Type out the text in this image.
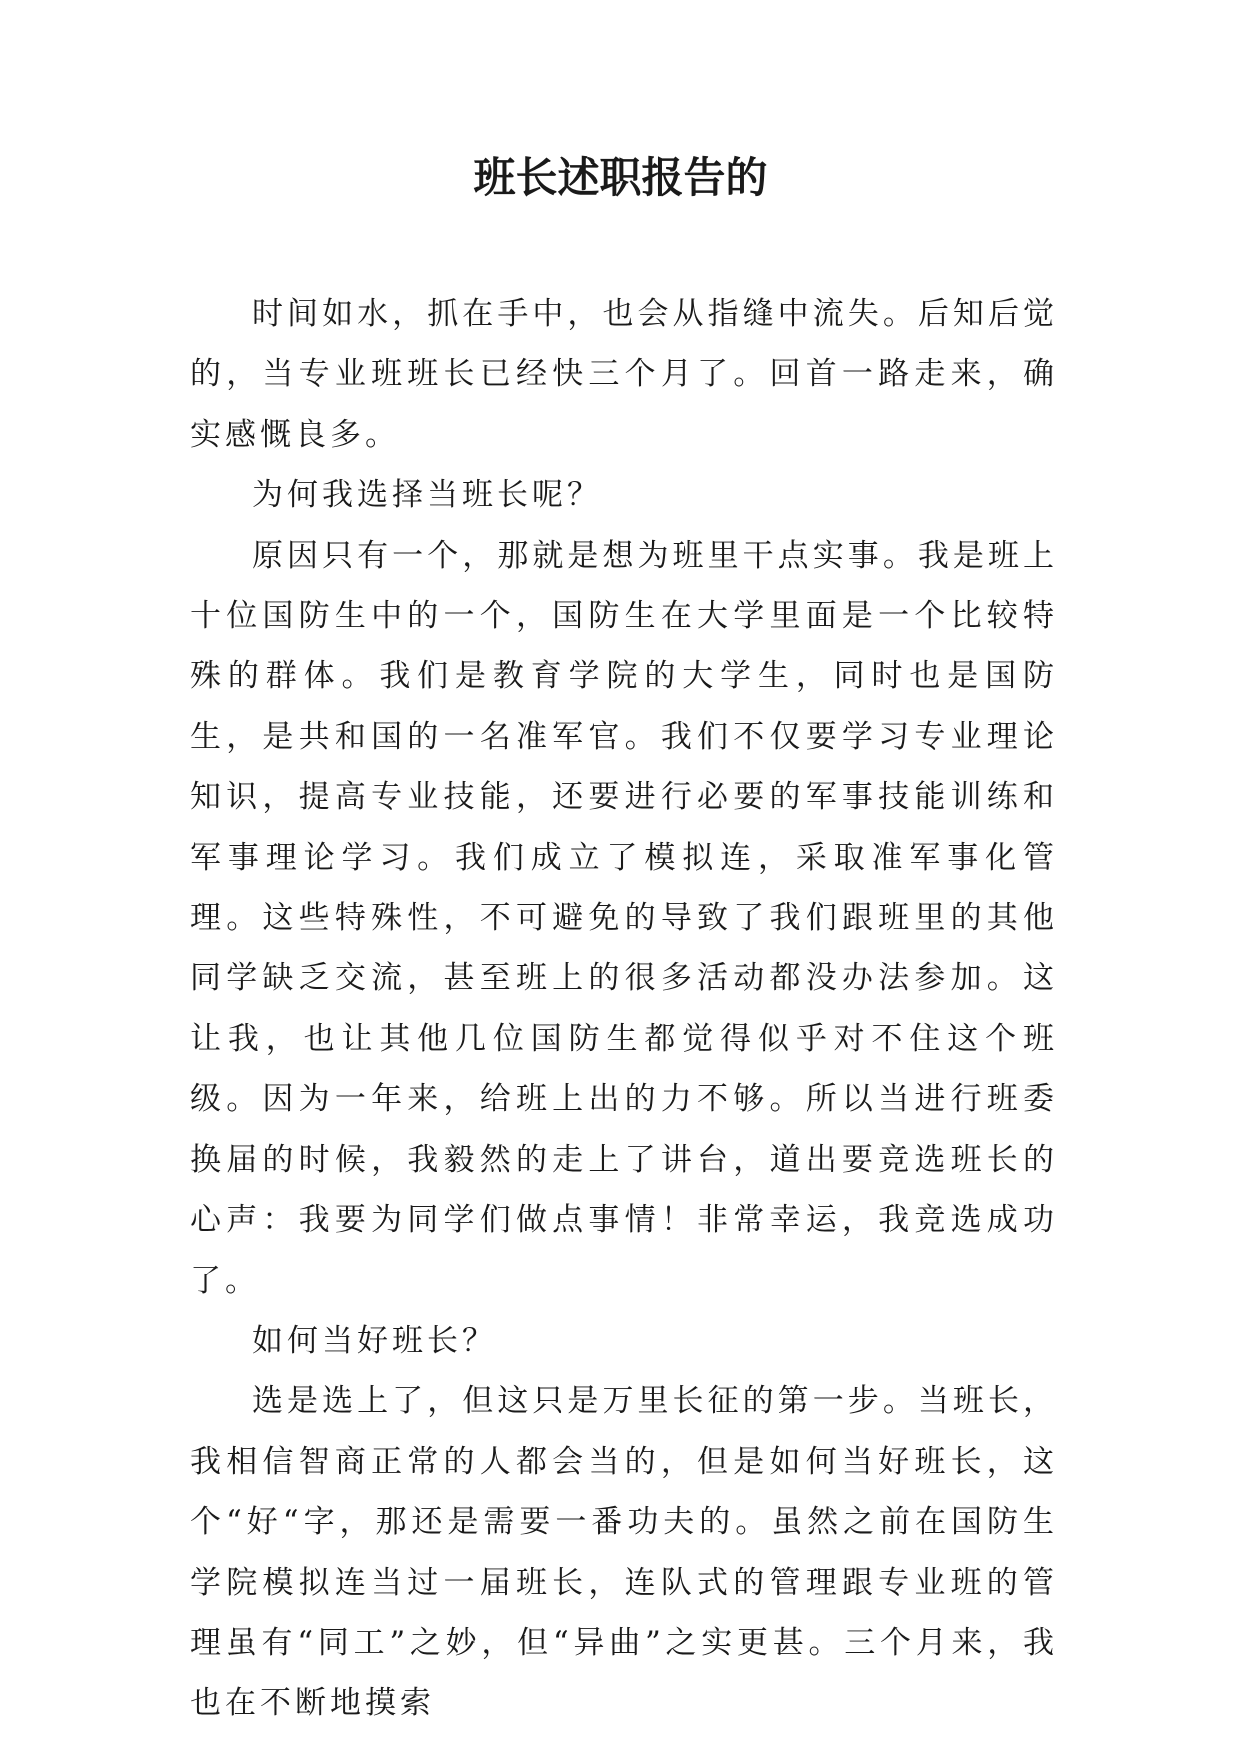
班长述职报告的

时间如水，抓在手中，也会从指缝中流失。后知后觉的，当专业班班长已经快三个月了。回首一路走来，确实感慨良多。

为何我选择当班长呢？

原因只有一个，那就是想为班里干点实事。我是班上十位国防生中的一个，国防生在大学里面是一个比较特殊的群体。我们是教育学院的大学生，同时也是国防生，是共和国的一名准军官。我们不仅要学习专业理论知识，提高专业技能，还要进行必要的军事技能训练和军事理论学习。我们成立了模拟连，采取准军事化管理。这些特殊性，不可避免的导致了我们跟班里的其他同学缺乏交流，甚至班上的很多活动都没办法参加。这让我，也让其他几位国防生都觉得似乎对不住这个班级。因为一年来，给班上出的力不够。所以当进行班委换届的时候，我毅然的走上了讲台，道出要竞选班长的心声：我要为同学们做点事情！非常幸运，我竞选成功了。

如何当好班长？

选是选上了，但这只是万里长征的第一步。当班长，我相信智商正常的人都会当的，但是如何当好班长，这个“好“字，那还是需要一番功夫的。虽然之前在国防生学院模拟连当过一届班长，连队式的管理跟专业班的管理虽有“同工”之妙，但“异曲”之实更甚。三个月来，我也在不断地摸索
